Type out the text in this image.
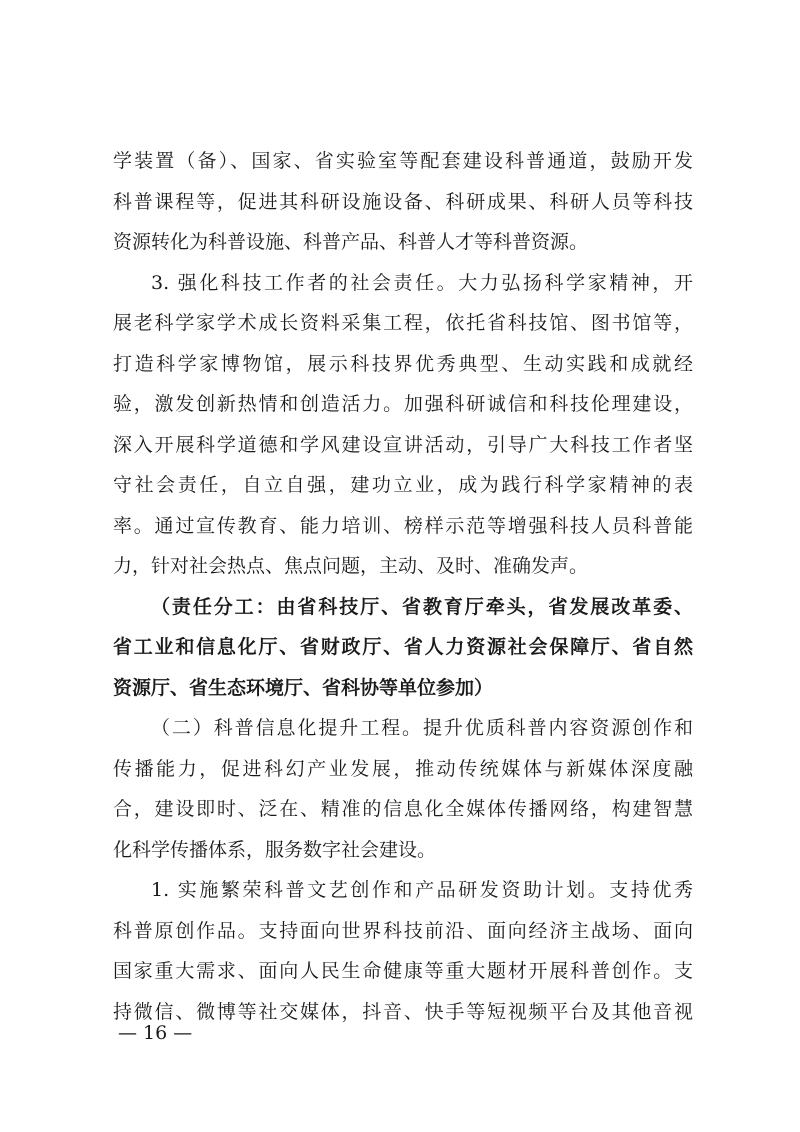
学装置（备）、国家、省实验室等配套建设科普通道，鼓励开发
科普课程等，促进其科研设施设备、科研成果、科研人员等科技
资源转化为科普设施、科普产品、科普人才等科普资源。
3. 强化科技工作者的社会责任。大力弘扬科学家精神，开
展老科学家学术成长资料采集工程，依托省科技馆、图书馆等，
打造科学家博物馆，展示科技界优秀典型、生动实践和成就经
验，激发创新热情和创造活力。加强科研诚信和科技伦理建设，
深入开展科学道德和学风建设宣讲活动，引导广大科技工作者坚
守社会责任，自立自强，建功立业，成为践行科学家精神的表
率。通过宣传教育、能力培训、榜样示范等增强科技人员科普能
力，针对社会热点、焦点问题，主动、及时、准确发声。
（责任分工：由省科技厅、省教育厅牵头，省发展改革委、
省工业和信息化厅、省财政厅、省人力资源社会保障厅、省自然
资源厅、省生态环境厅、省科协等单位参加）
（二）科普信息化提升工程。提升优质科普内容资源创作和
传播能力，促进科幻产业发展，推动传统媒体与新媒体深度融
合，建设即时、泛在、精准的信息化全媒体传播网络，构建智慧
化科学传播体系，服务数字社会建设。
1. 实施繁荣科普文艺创作和产品研发资助计划。支持优秀
科普原创作品。支持面向世界科技前沿、面向经济主战场、面向
国家重大需求、面向人民生命健康等重大题材开展科普创作。支
持微信、微博等社交媒体，抖音、快手等短视频平台及其他音视
— 16 —
